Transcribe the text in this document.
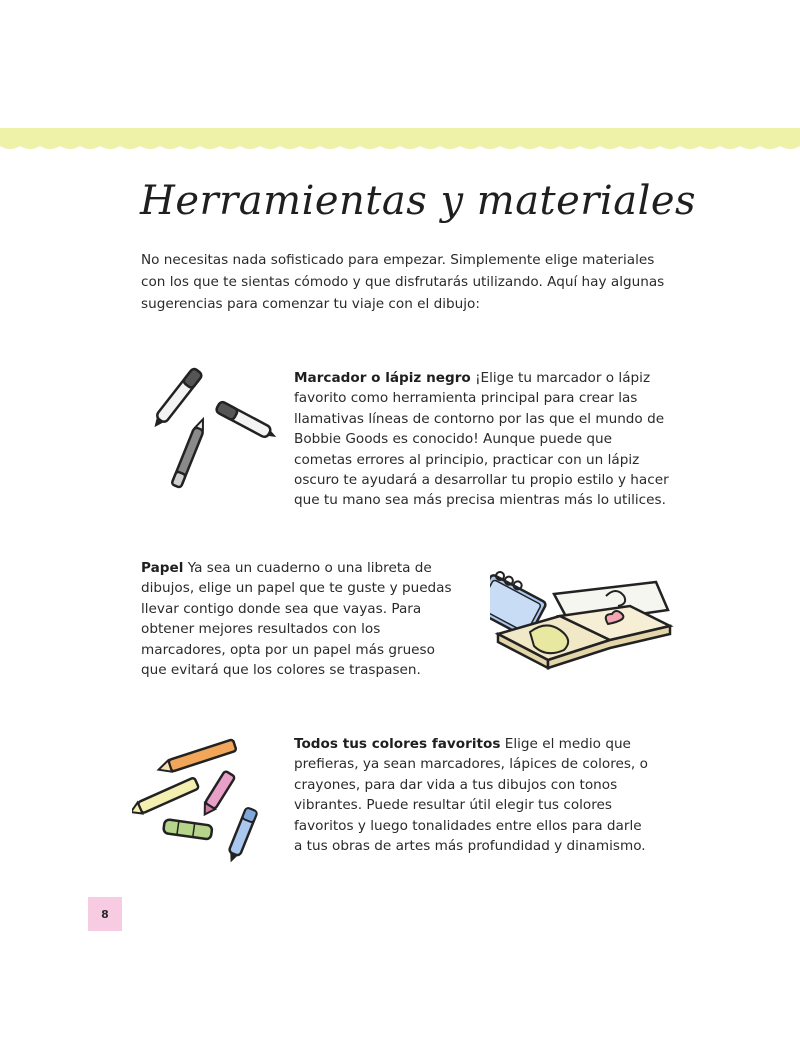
Herramientas y materiales

No necesitas nada sofisticado para empezar. Simplemente elige materiales con los que te sientas cómodo y que disfrutarás utilizando. Aquí hay algunas sugerencias para comenzar tu viaje con el dibujo:

Marcador o lápiz negro ¡Elige tu marcador o lápiz favorito como herramienta principal para crear las llamativas líneas de contorno por las que el mundo de Bobbie Goods es conocido! Aunque puede que cometas errores al principio, practicar con un lápiz oscuro te ayudará a desarrollar tu propio estilo y hacer que tu mano sea más precisa mientras más lo utilices.

Papel Ya sea un cuaderno o una libreta de dibujos, elige un papel que te guste y puedas llevar contigo donde sea que vayas. Para obtener mejores resultados con los marcadores, opta por un papel más grueso que evitará que los colores se traspasen.

Todos tus colores favoritos Elige el medio que prefieras, ya sean marcadores, lápices de colores, o crayones, para dar vida a tus dibujos con tonos vibrantes. Puede resultar útil elegir tus colores favoritos y luego tonalidades entre ellos para darle a tus obras de artes más profundidad y dinamismo.

8
